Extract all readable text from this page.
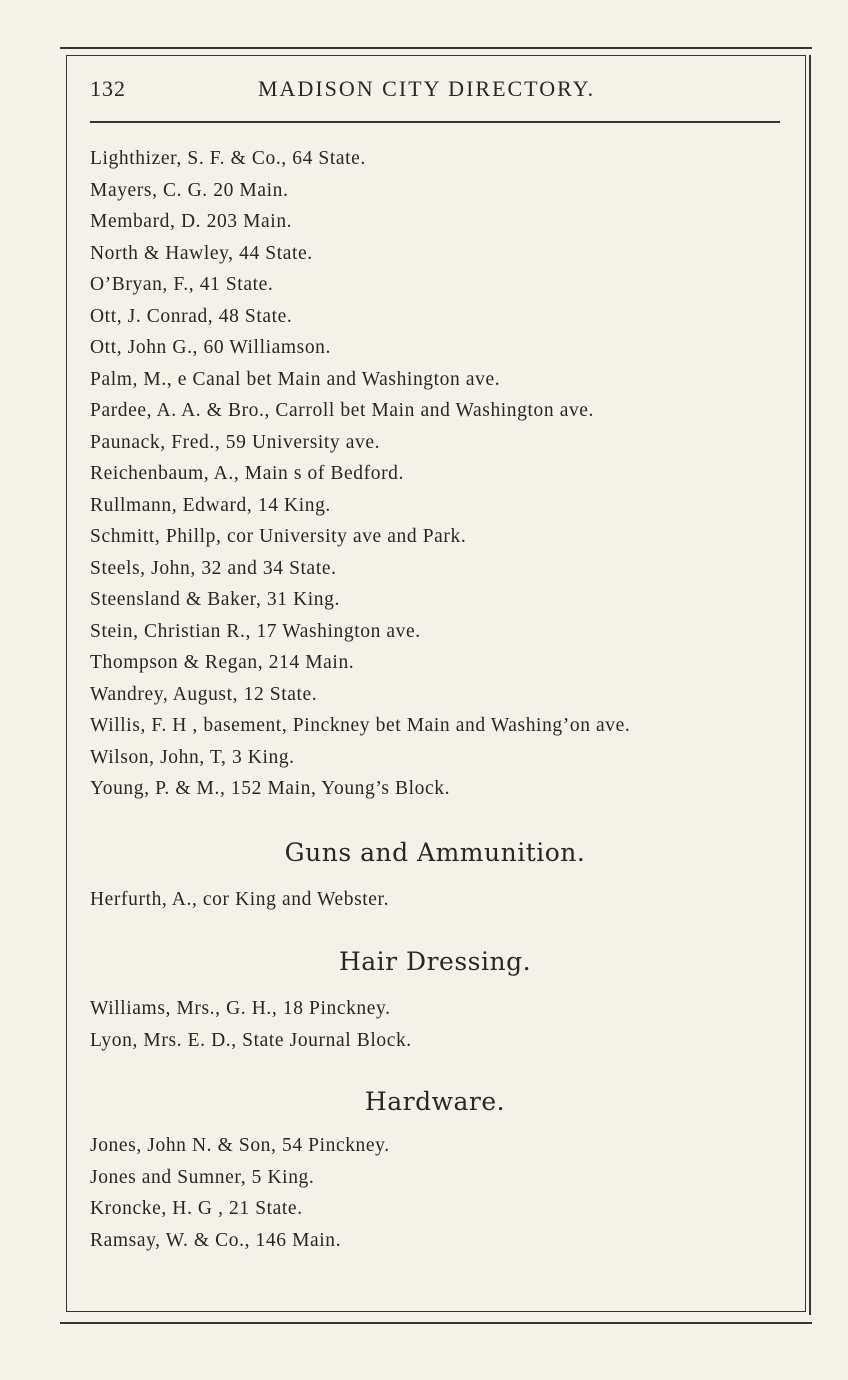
132	MADISON CITY DIRECTORY.
Lighthizer, S. F. & Co., 64 State.
Mayers, C. G. 20 Main.
Membard, D. 203 Main.
North & Hawley, 44 State.
O’Bryan, F., 41 State.
Ott, J. Conrad, 48 State.
Ott, John G., 60 Williamson.
Palm, M., e Canal bet Main and Washington ave.
Pardee, A. A. & Bro., Carroll bet Main and Washington ave.
Paunack, Fred., 59 University ave.
Reichenbaum, A., Main s of Bedford.
Rullmann, Edward, 14 King.
Schmitt, Phillp, cor University ave and Park.
Steels, John, 32 and 34 State.
Steensland & Baker, 31 King.
Stein, Christian R., 17 Washington ave.
Thompson & Regan, 214 Main.
Wandrey, August, 12 State.
Willis, F. H , basement, Pinckney bet Main and Washing’on ave.
Wilson, John, T, 3 King.
Young, P. & M., 152 Main, Young’s Block.
Guns and Ammunition.
Herfurth, A., cor King and Webster.
Hair Dressing.
Williams, Mrs., G. H., 18 Pinckney.
Lyon, Mrs. E. D., State Journal Block.
Hardware.
Jones, John N. & Son, 54 Pinckney.
Jones and Sumner, 5 King.
Kroncke, H. G , 21 State.
Ramsay, W. & Co., 146 Main.
